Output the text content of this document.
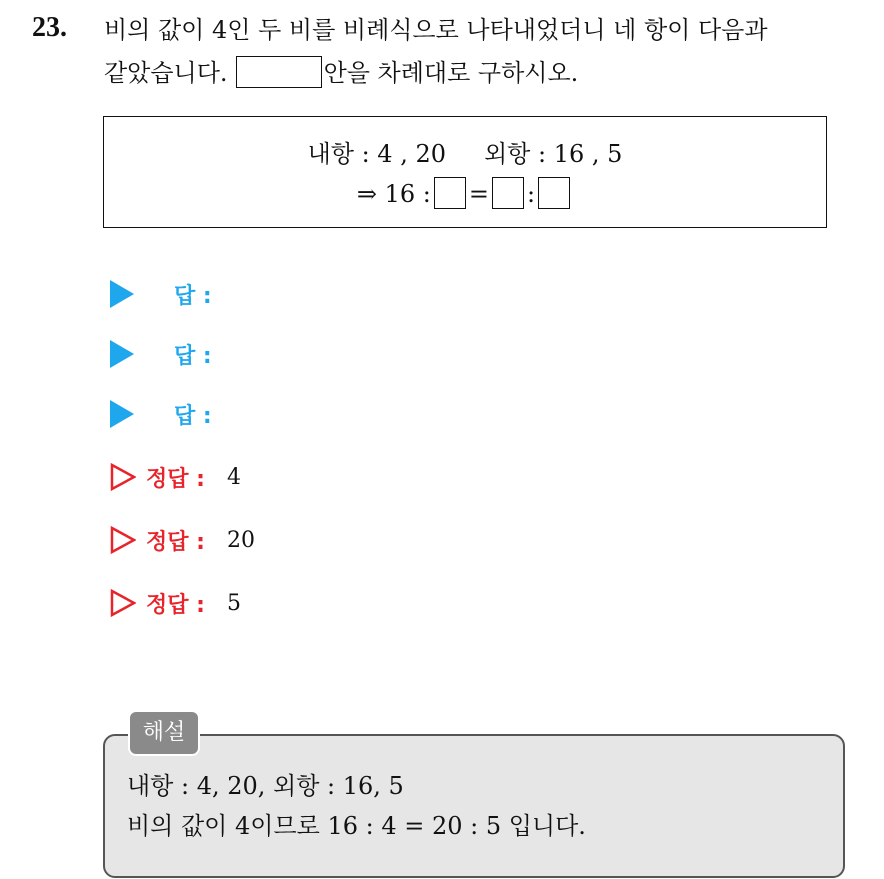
23. 비의 값이 4인 두 비를 비례식으로 나타내었더니 네 항이 다음과
같았습니다.	안을 차례대로 구하시오.
내항 : 4 , 20 외항 : 16 , 5
⇒ 16 : = :
답 :
답 :
답 :
정답 : 4
정답 : 20
정답 : 5
해설
내항 : 4, 20, 외항 : 16, 5
비의 값이 4이므로 16 : 4 = 20 : 5 입니다.
